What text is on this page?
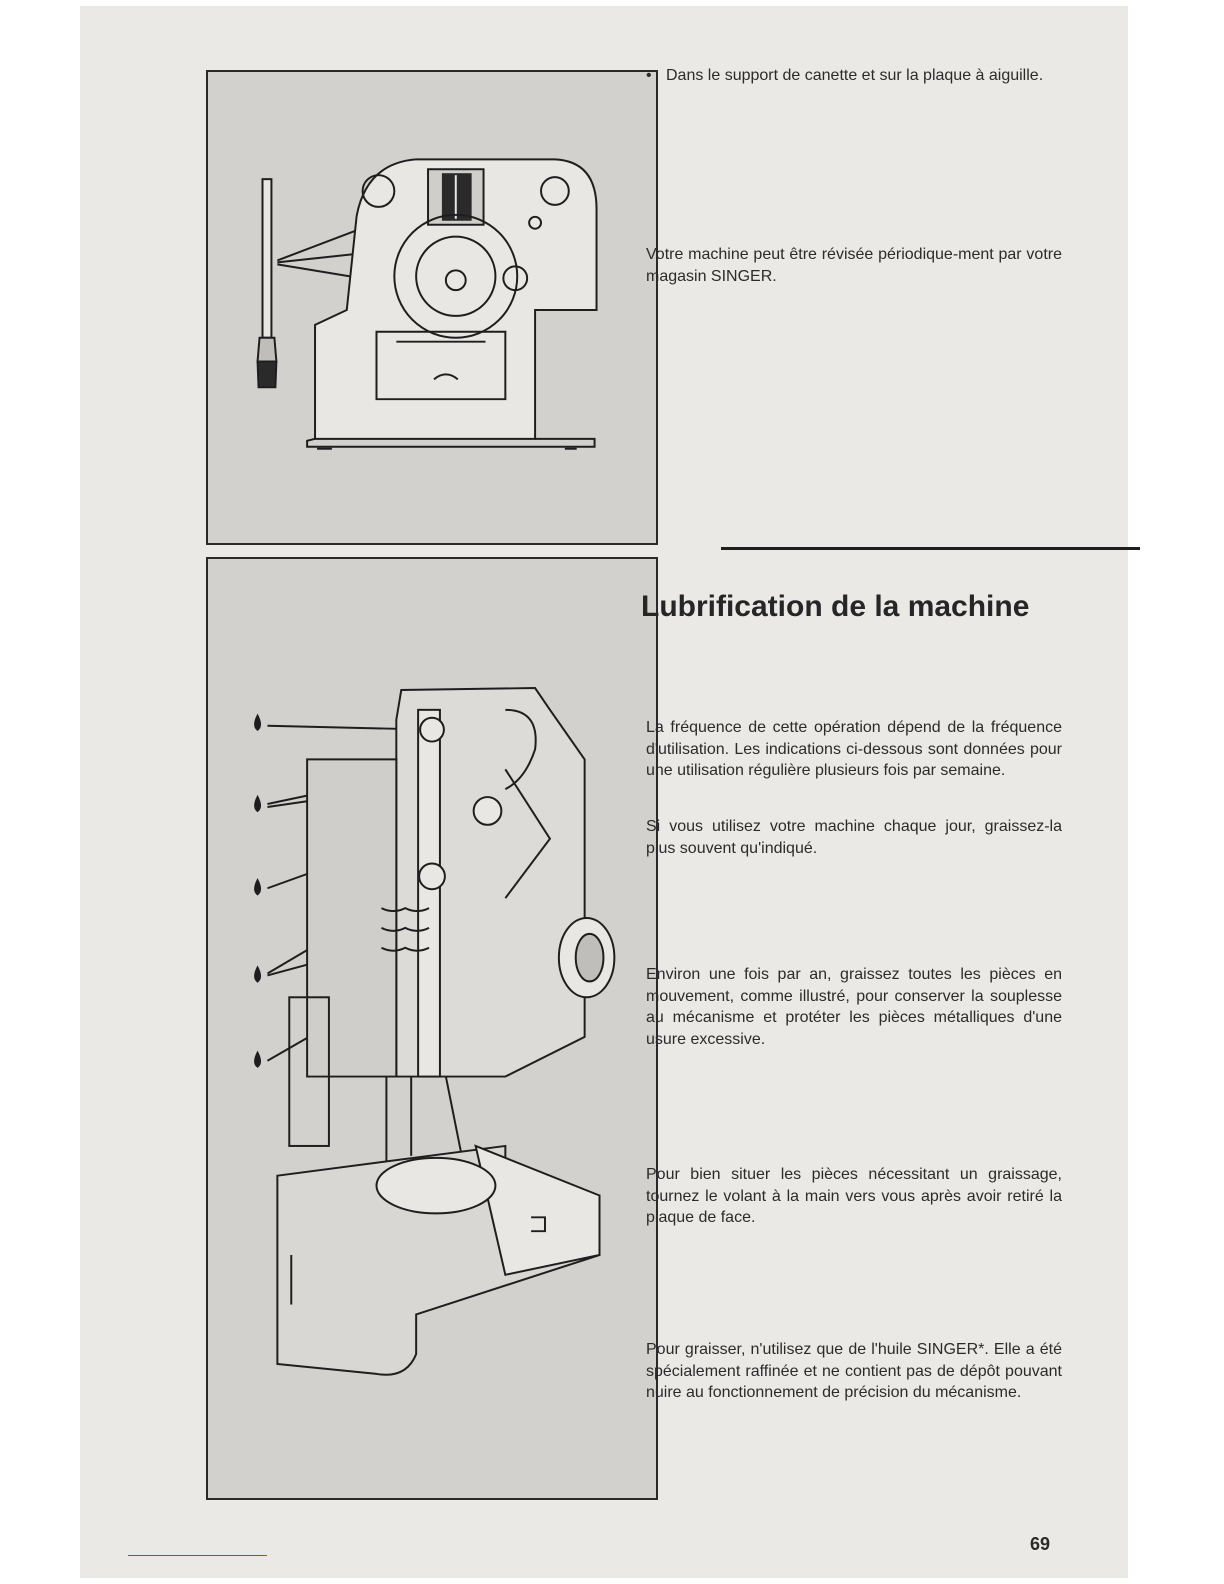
• Dans le support de canette et sur la plaque à aiguille.

Votre machine peut être révisée périodique-ment par votre magasin SINGER.

Lubrification de la machine

La fréquence de cette opération dépend de la fréquence d'utilisation. Les indications ci-dessous sont données pour une utilisation régulière plusieurs fois par semaine.

Si vous utilisez votre machine chaque jour, graissez-la plus souvent qu'indiqué.

Environ une fois par an, graissez toutes les pièces en mouvement, comme illustré, pour conserver la souplesse au mécanisme et protéter les pièces métalliques d'une usure excessive.

Pour bien situer les pièces nécessitant un graissage, tournez le volant à la main vers vous après avoir retiré la plaque de face.

Pour graisser, n'utilisez que de l'huile SINGER*. Elle a été spécialement raffinée et ne contient pas de dépôt pouvant nuire au fonctionnement de précision du mécanisme.

69
